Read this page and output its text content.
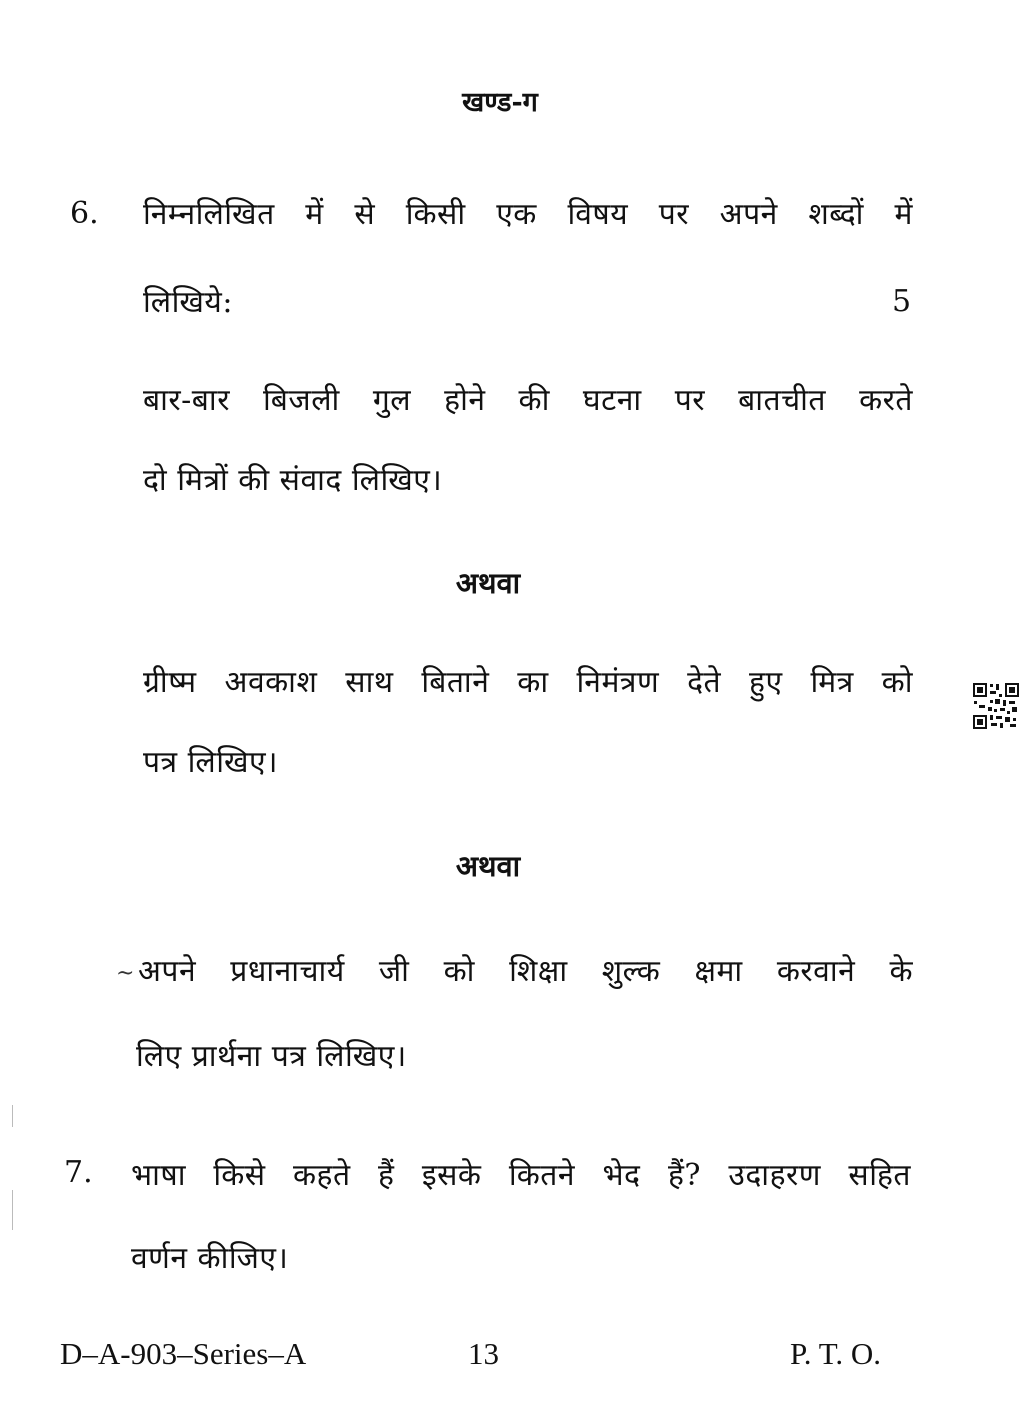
खण्ड-ग
6. निम्नलिखित में से किसी एक विषय पर अपने शब्दों में
लिखिये:	5
बार-बार बिजली गुल होने की घटना पर बातचीत करते
दो मित्रों की संवाद लिखिए।
अथवा
ग्रीष्म अवकाश साथ बिताने का निमंत्रण देते हुए मित्र को
पत्र लिखिए।
अथवा
~ अपने प्रधानाचार्य जी को शिक्षा शुल्क क्षमा करवाने के
लिए प्रार्थना पत्र लिखिए।
7. भाषा किसे कहते हैं इसके कितने भेद हैं? उदाहरण सहित
वर्णन कीजिए।
D–A-903–Series–A	13	P. T. O.
